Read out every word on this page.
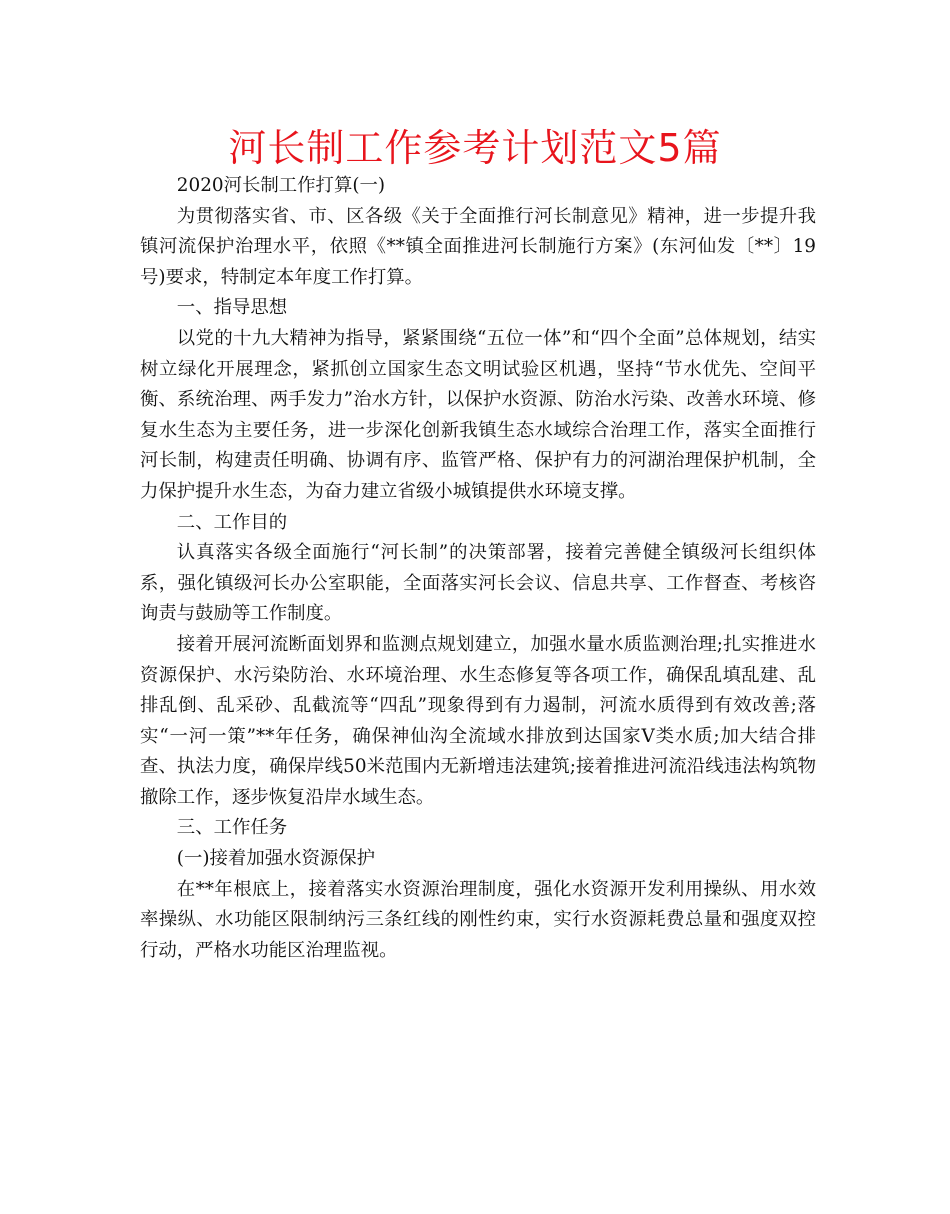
河长制工作参考计划范文5篇

2020河长制工作打算(一)

为贯彻落实省、市、区各级《关于全面推行河长制意见》精神，进一步提升我镇河流保护治理水平，依照《**镇全面推进河长制施行方案》(东河仙发〔**〕19号)要求，特制定本年度工作打算。

一、指导思想

以党的十九大精神为指导，紧紧围绕“五位一体”和“四个全面”总体规划，结实树立绿化开展理念，紧抓创立国家生态文明试验区机遇，坚持“节水优先、空间平衡、系统治理、两手发力”治水方针，以保护水资源、防治水污染、改善水环境、修复水生态为主要任务，进一步深化创新我镇生态水域综合治理工作，落实全面推行河长制，构建责任明确、协调有序、监管严格、保护有力的河湖治理保护机制，全力保护提升水生态，为奋力建立省级小城镇提供水环境支撑。

二、工作目的

认真落实各级全面施行“河长制”的决策部署，接着完善健全镇级河长组织体系，强化镇级河长办公室职能，全面落实河长会议、信息共享、工作督查、考核咨询责与鼓励等工作制度。

接着开展河流断面划界和监测点规划建立，加强水量水质监测治理;扎实推进水资源保护、水污染防治、水环境治理、水生态修复等各项工作，确保乱填乱建、乱排乱倒、乱采砂、乱截流等“四乱”现象得到有力遏制，河流水质得到有效改善;落实“一河一策”**年任务，确保神仙沟全流域水排放到达国家Ⅴ类水质;加大结合排查、执法力度，确保岸线50米范围内无新增违法建筑;接着推进河流沿线违法构筑物撤除工作，逐步恢复沿岸水域生态。

三、工作任务

(一)接着加强水资源保护

在**年根底上，接着落实水资源治理制度，强化水资源开发利用操纵、用水效率操纵、水功能区限制纳污三条红线的刚性约束，实行水资源耗费总量和强度双控行动，严格水功能区治理监视。
